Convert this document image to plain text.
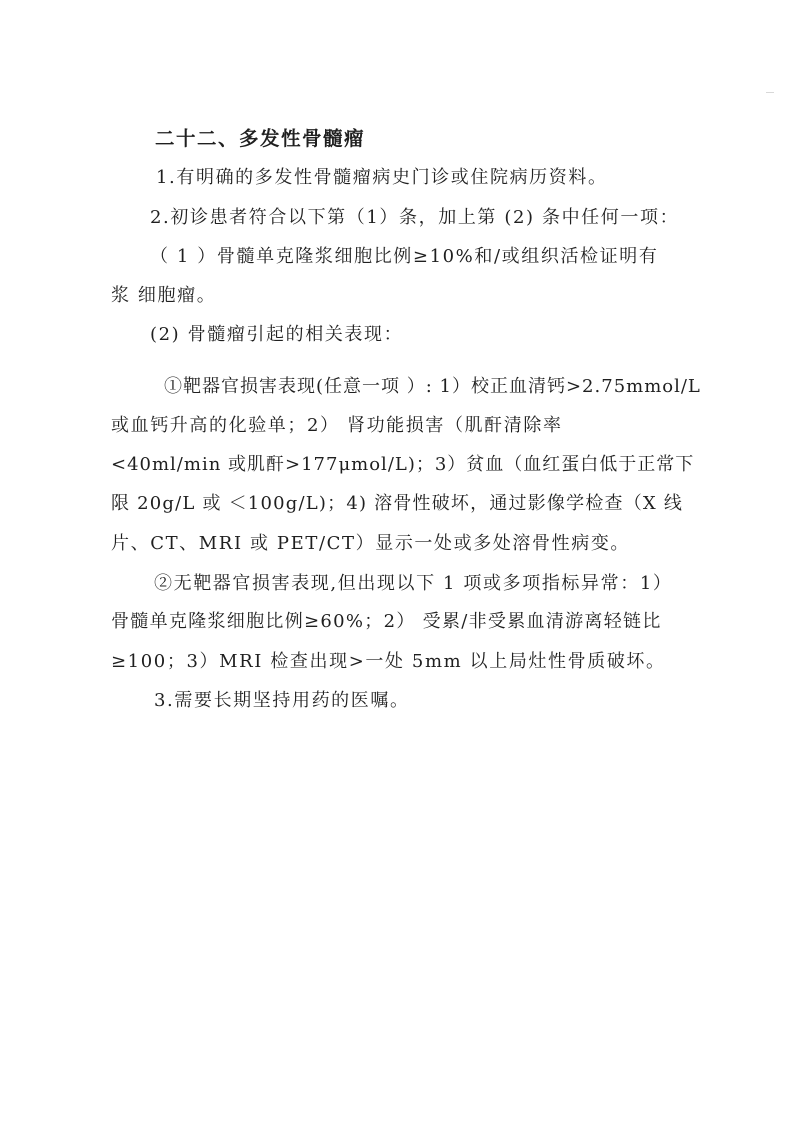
二十二、多发性骨髓瘤
1.有明确的多发性骨髓瘤病史门诊或住院病历资料。
2.初诊患者符合以下第（1）条，加上第 (2) 条中任何一项：
（ 1 ）骨髓单克隆浆细胞比例≥10%和/或组织活检证明有
浆 细胞瘤。
(2) 骨髓瘤引起的相关表现：
①靶器官损害表现(任意一项 ）: 1）校正血清钙>2.75mmol/L
或血钙升高的化验单；2） 肾功能损害（肌酐清除率
<40ml/min 或肌酐>177μmol/L)；3）贫血（血红蛋白低于正常下
限 20g/L 或 ＜100g/L)；4) 溶骨性破坏，通过影像学检查（X 线
片、CT、MRI 或 PET/CT）显示一处或多处溶骨性病变。
②无靶器官损害表现,但出现以下 1 项或多项指标异常：1）
骨髓单克隆浆细胞比例≥60%；2） 受累/非受累血清游离轻链比
≥100；3）MRI 检查出现>一处 5mm 以上局灶性骨质破坏。
3.需要长期坚持用药的医嘱。
